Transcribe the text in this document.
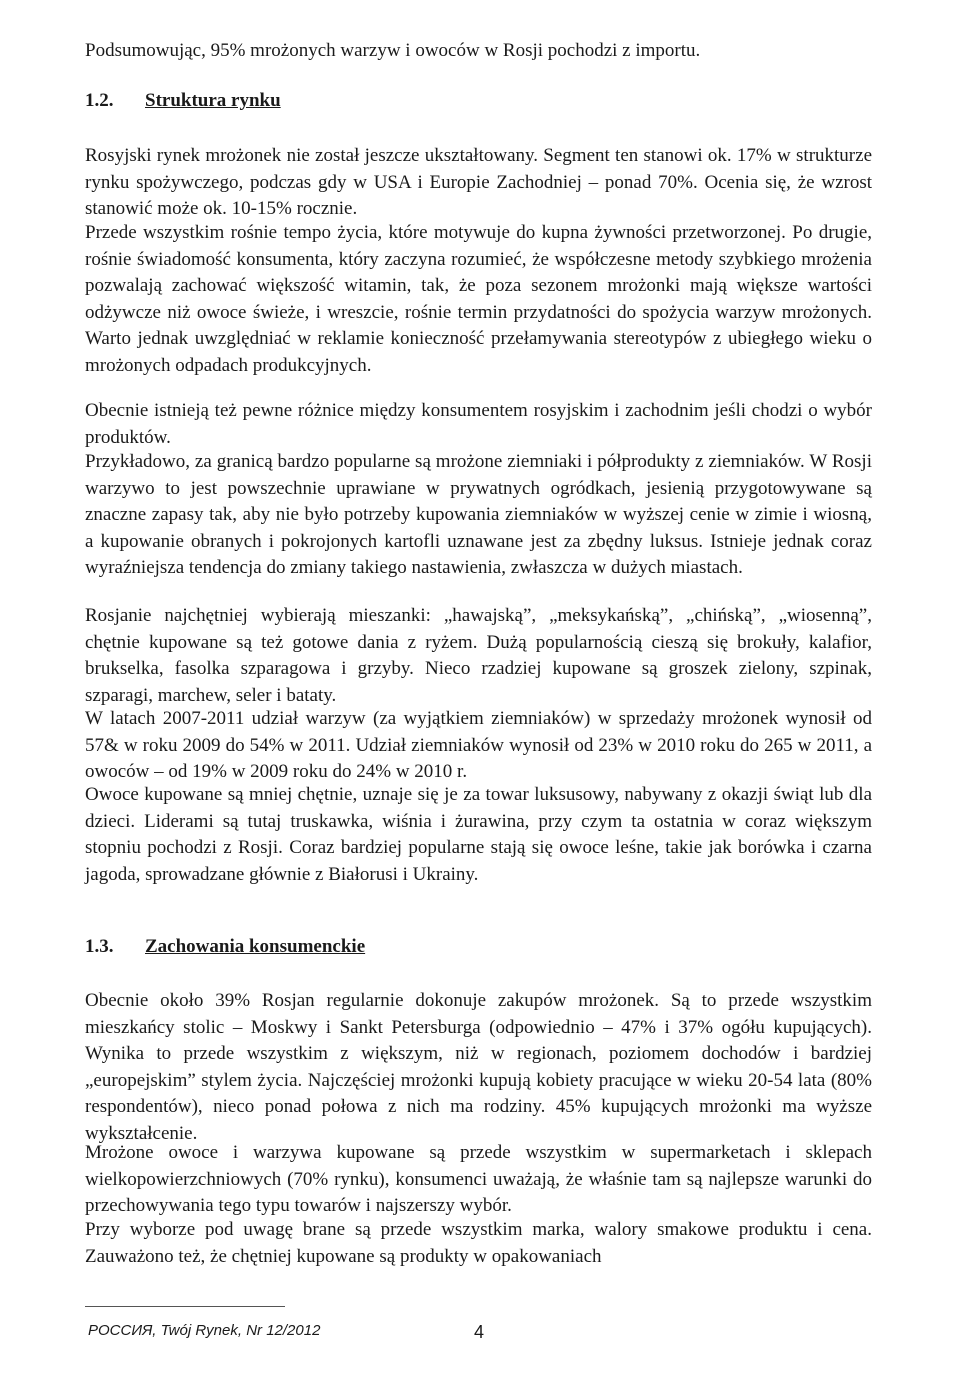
Podsumowując, 95% mrożonych warzyw i owoców w Rosji pochodzi z importu.

1.2. Struktura rynku

Rosyjski rynek mrożonek nie został jeszcze ukształtowany. Segment ten stanowi ok. 17% w strukturze rynku spożywczego, podczas gdy w USA i Europie Zachodniej – ponad 70%. Ocenia się, że wzrost stanowić może ok. 10-15% rocznie.

Przede wszystkim rośnie tempo życia, które motywuje do kupna żywności przetworzonej. Po drugie, rośnie świadomość konsumenta, który zaczyna rozumieć, że współczesne metody szybkiego mrożenia pozwalają zachować większość witamin, tak, że poza sezonem mrożonki mają większe wartości odżywcze niż owoce świeże, i wreszcie, rośnie termin przydatności do spożycia warzyw mrożonych. Warto jednak uwzględniać w reklamie konieczność przełamywania stereotypów z ubiegłego wieku o mrożonych odpadach produkcyjnych.

Obecnie istnieją też pewne różnice między konsumentem rosyjskim i zachodnim jeśli chodzi o wybór produktów.

Przykładowo, za granicą bardzo popularne są mrożone ziemniaki i półprodukty z ziemniaków. W Rosji warzywo to jest powszechnie uprawiane w prywatnych ogródkach, jesienią przygotowywane są znaczne zapasy tak, aby nie było potrzeby kupowania ziemniaków w wyższej cenie w zimie i wiosną, a kupowanie obranych i pokrojonych kartofli uznawane jest za zbędny luksus. Istnieje jednak coraz wyraźniejsza tendencja do zmiany takiego nastawienia, zwłaszcza w dużych miastach.

Rosjanie najchętniej wybierają mieszanki: „hawajską”, „meksykańską”, „chińską”, „wiosenną”, chętnie kupowane są też gotowe dania z ryżem. Dużą popularnością cieszą się brokuły, kalafior, brukselka, fasolka szparagowa i grzyby. Nieco rzadziej kupowane są groszek zielony, szpinak, szparagi, marchew, seler i bataty.

W latach 2007-2011 udział warzyw (za wyjątkiem ziemniaków) w sprzedaży mrożonek wynosił od 57& w roku 2009 do 54% w 2011. Udział ziemniaków wynosił od 23% w 2010 roku do 265 w 2011, a owoców – od 19% w 2009 roku do 24% w 2010 r.

Owoce kupowane są mniej chętnie, uznaje się je za towar luksusowy, nabywany z okazji świąt lub dla dzieci. Liderami są tutaj truskawka, wiśnia i żurawina, przy czym ta ostatnia w coraz większym stopniu pochodzi z Rosji. Coraz bardziej popularne stają się owoce leśne, takie jak borówka i czarna jagoda, sprowadzane głównie z Białorusi i Ukrainy.

1.3. Zachowania konsumenckie

Obecnie około 39% Rosjan regularnie dokonuje zakupów mrożonek. Są to przede wszystkim mieszkańcy stolic – Moskwy i Sankt Petersburga (odpowiednio – 47% i 37% ogółu kupujących). Wynika to przede wszystkim z większym, niż w regionach, poziomem dochodów i bardziej „europejskim” stylem życia. Najczęściej mrożonki kupują kobiety pracujące w wieku 20-54 lata (80% respondentów), nieco ponad połowa z nich ma rodziny. 45% kupujących mrożonki ma wyższe wykształcenie.

Mrożone owoce i warzywa kupowane są przede wszystkim w supermarketach i sklepach wielkopowierzchniowych (70% rynku), konsumenci uważają, że właśnie tam są najlepsze warunki do przechowywania tego typu towarów i najszerszy wybór.

Przy wyborze pod uwagę brane są przede wszystkim marka, walory smakowe produktu i cena. Zauważono też, że chętniej kupowane są produkty w opakowaniach

РОССИЯ, Twój Rynek, Nr 12/2012	4
